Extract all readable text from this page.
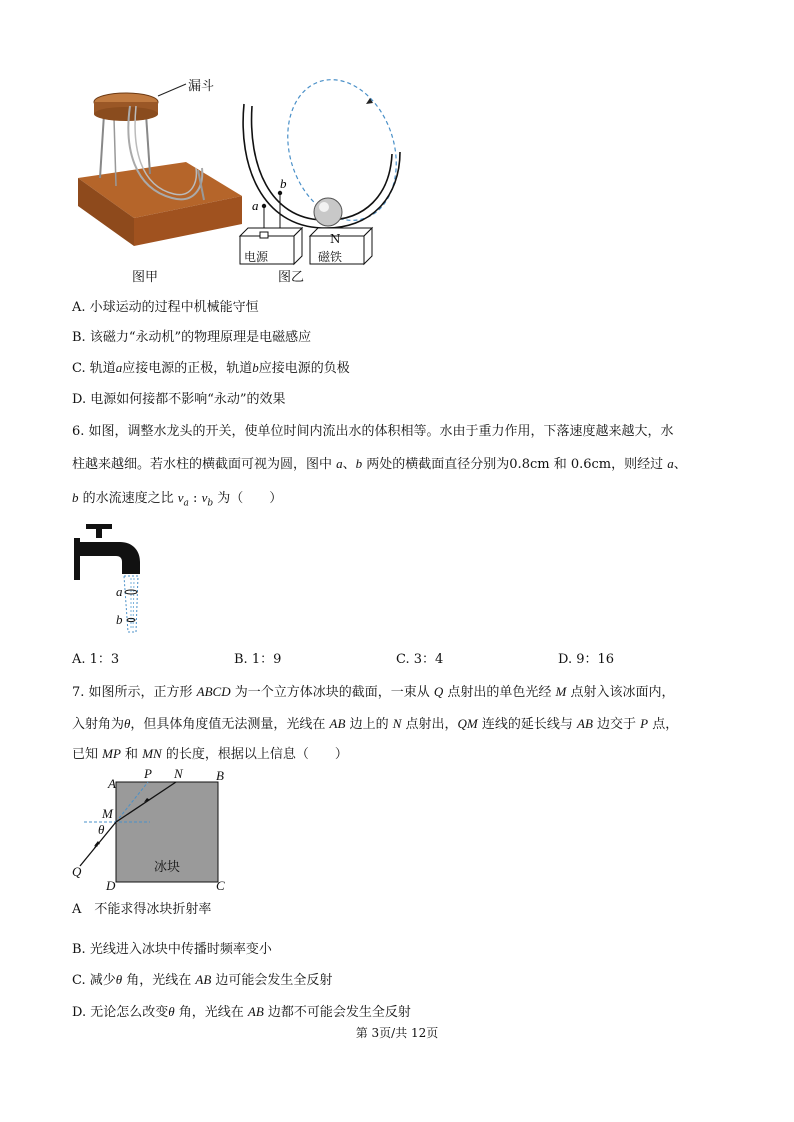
漏斗
图甲
a
b
电源
N
磁铁
图乙
A. 小球运动的过程中机械能守恒
B. 该磁力“永动机”的物理原理是电磁感应
C. 轨道a应接电源的正极，轨道b应接电源的负极
D. 电源如何接都不影响“永动”的效果
6. 如图，调整水龙头的开关，使单位时间内流出水的体积相等。水由于重力作用，下落速度越来越大，水
柱越来越细。若水柱的横截面可视为圆，图中 a、b 两处的横截面直径分别为0.8cm 和 0.6cm，则经过 a、
b 的水流速度之比 $v_a$ : $v_b$ 为（　　）
a
b
A. 1：3	B. 1：9	C. 3：4	D. 9：16
7. 如图所示，正方形 ABCD 为一个立方体冰块的截面，一束从 Q 点射出的单色光经 M 点射入该冰面内，
入射角为θ，但具体角度值无法测量，光线在 AB 边上的 N 点射出，QM 连线的延长线与 AB 边交于 P 点，
已知 MP 和 MN 的长度，根据以上信息（　　）
A
P N	B
M
θ
Q	冰块
D	C
A　不能求得冰块折射率
B. 光线进入冰块中传播时频率变小
C. 减少θ 角，光线在 AB 边可能会发生全反射
D. 无论怎么改变θ 角，光线在 AB 边都不可能会发生全反射
第 3页/共 12页
